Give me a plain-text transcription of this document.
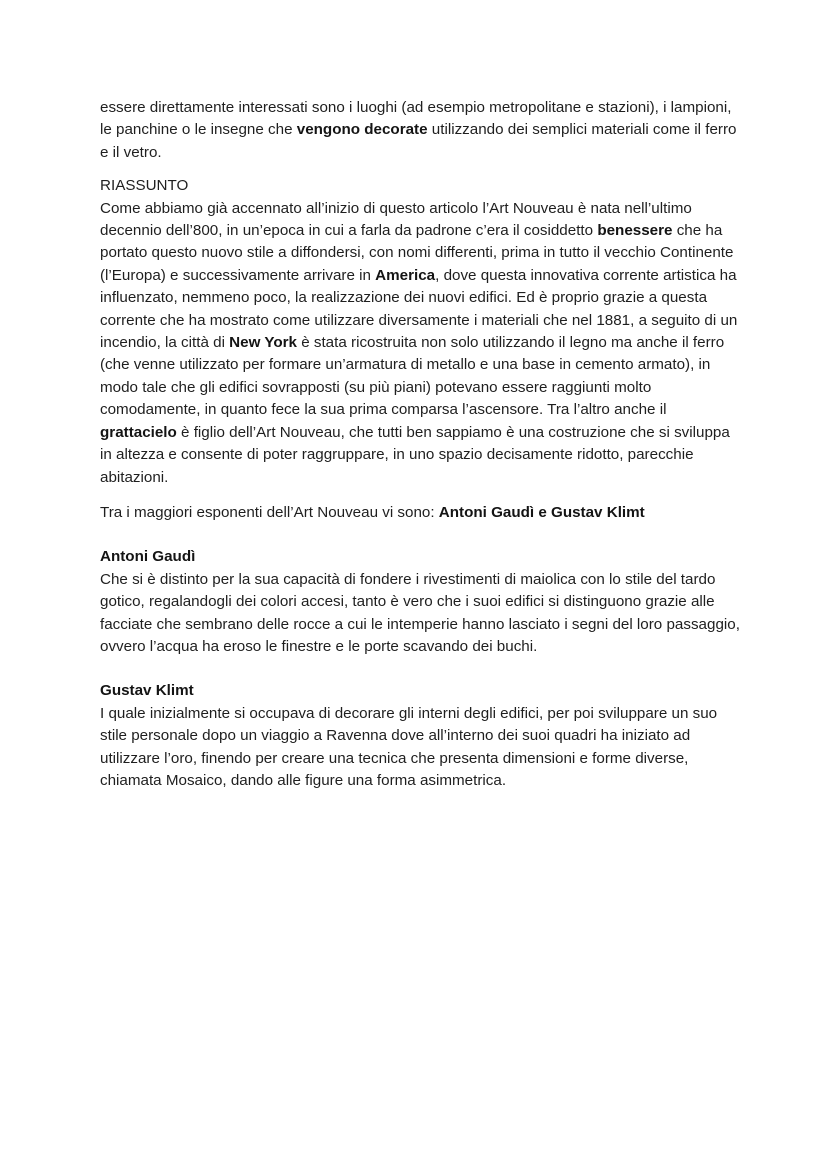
essere direttamente interessati sono i luoghi (ad esempio metropolitane e stazioni), i lampioni, le panchine o le insegne che vengono decorate utilizzando dei semplici materiali come il ferro e il vetro.

RIASSUNTO

Come abbiamo già accennato all’inizio di questo articolo l’Art Nouveau è nata nell’ultimo decennio dell’800, in un’epoca in cui a farla da padrone c’era il cosiddetto benessere che ha portato questo nuovo stile a diffondersi, con nomi differenti, prima in tutto il vecchio Continente (l’Europa) e successivamente arrivare in America, dove questa innovativa corrente artistica ha influenzato, nemmeno poco, la realizzazione dei nuovi edifici. Ed è proprio grazie a questa corrente che ha mostrato come utilizzare diversamente i materiali che nel 1881, a seguito di un incendio, la città di New York è stata ricostruita non solo utilizzando il legno ma anche il ferro (che venne utilizzato per formare un’armatura di metallo e una base in cemento armato), in modo tale che gli edifici sovrapposti (su più piani) potevano essere raggiunti molto comodamente, in quanto fece la sua prima comparsa l’ascensore. Tra l’altro anche il grattacielo è figlio dell’Art Nouveau, che tutti ben sappiamo è una costruzione che si sviluppa in altezza e consente di poter raggruppare, in uno spazio decisamente ridotto, parecchie abitazioni.

Tra i maggiori esponenti dell’Art Nouveau vi sono: Antoni Gaudì e Gustav Klimt

Antoni Gaudì

Che si è distinto per la sua capacità di fondere i rivestimenti di maiolica con lo stile del tardo gotico, regalandogli dei colori accesi, tanto è vero che i suoi edifici si distinguono grazie alle facciate che sembrano delle rocce a cui le intemperie hanno lasciato i segni del loro passaggio, ovvero l’acqua ha eroso le finestre e le porte scavando dei buchi.

Gustav Klimt

I quale inizialmente si occupava di decorare gli interni degli edifici, per poi sviluppare un suo stile personale dopo un viaggio a Ravenna dove all’interno dei suoi quadri ha iniziato ad utilizzare l’oro, finendo per creare una tecnica che presenta dimensioni e forme diverse, chiamata Mosaico, dando alle figure una forma asimmetrica.
